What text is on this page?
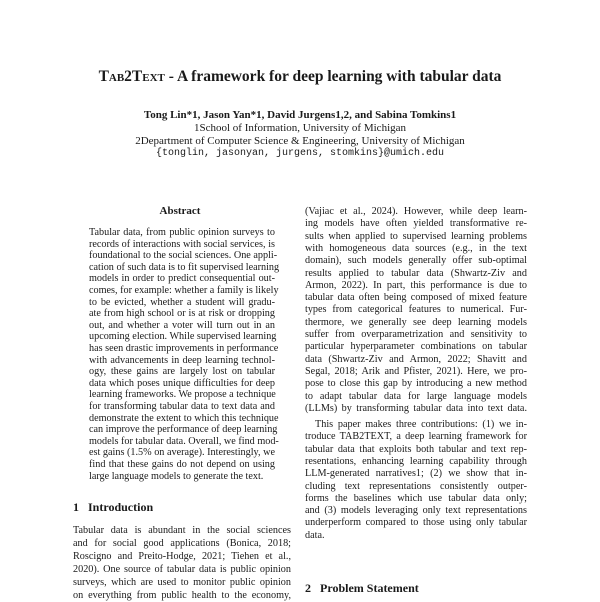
Tab2Text - A framework for deep learning with tabular data
Tong Lin*1, Jason Yan*1, David Jurgens1,2, and Sabina Tomkins1
1School of Information, University of Michigan
2Department of Computer Science & Engineering, University of Michigan
{tonglin, jasonyan, jurgens, stomkins}@umich.edu
Abstract
Tabular data, from public opinion surveys to
records of interactions with social services, is
foundational to the social sciences. One appli-
cation of such data is to fit supervised learning
models in order to predict consequential out-
comes, for example: whether a family is likely
to be evicted, whether a student will gradu-
ate from high school or is at risk or dropping
out, and whether a voter will turn out in an
upcoming election. While supervised learning
has seen drastic improvements in performance
with advancements in deep learning technol-
ogy, these gains are largely lost on tabular
data which poses unique difficulties for deep
learning frameworks. We propose a technique
for transforming tabular data to text data and
demonstrate the extent to which this technique
can improve the performance of deep learning
models for tabular data. Overall, we find mod-
est gains (1.5% on average). Interestingly, we
find that these gains do not depend on using
large language models to generate the text.
1   Introduction
Tabular data is abundant in the social sciences
and for social good applications (Bonica, 2018;
Roscigno and Preito-Hodge, 2021; Tiehen et al.,
2020). One source of tabular data is public opinion
surveys, which are used to monitor public opinion
on everything from public health to the economy,
(Vajiac et al., 2024). However, while deep learn-
ing models have often yielded transformative re-
sults when applied to supervised learning problems
with homogeneous data sources (e.g., in the text
domain), such models generally offer sub-optimal
results applied to tabular data (Shwartz-Ziv and
Armon, 2022). In part, this performance is due to
tabular data often being composed of mixed feature
types from categorical features to numerical. Fur-
thermore, we generally see deep learning models
suffer from overparametrization and sensitivity to
particular hyperparameter combinations on tabular
data (Shwartz-Ziv and Armon, 2022; Shavitt and
Segal, 2018; Arik and Pfister, 2021). Here, we pro-
pose to close this gap by introducing a new method
to adapt tabular data for large language models
(LLMs) by transforming tabular data into text data.
This paper makes three contributions: (1) we in-
troduce TAB2TEXT, a deep learning framework for
tabular data that exploits both tabular and text rep-
resentations, enhancing learning capability through
LLM-generated narratives1; (2) we show that in-
cluding text representations consistently outper-
forms the baselines which use tabular data only;
and (3) models leveraging only text representations
underperform compared to those using only tabular
data.
2   Problem Statement
